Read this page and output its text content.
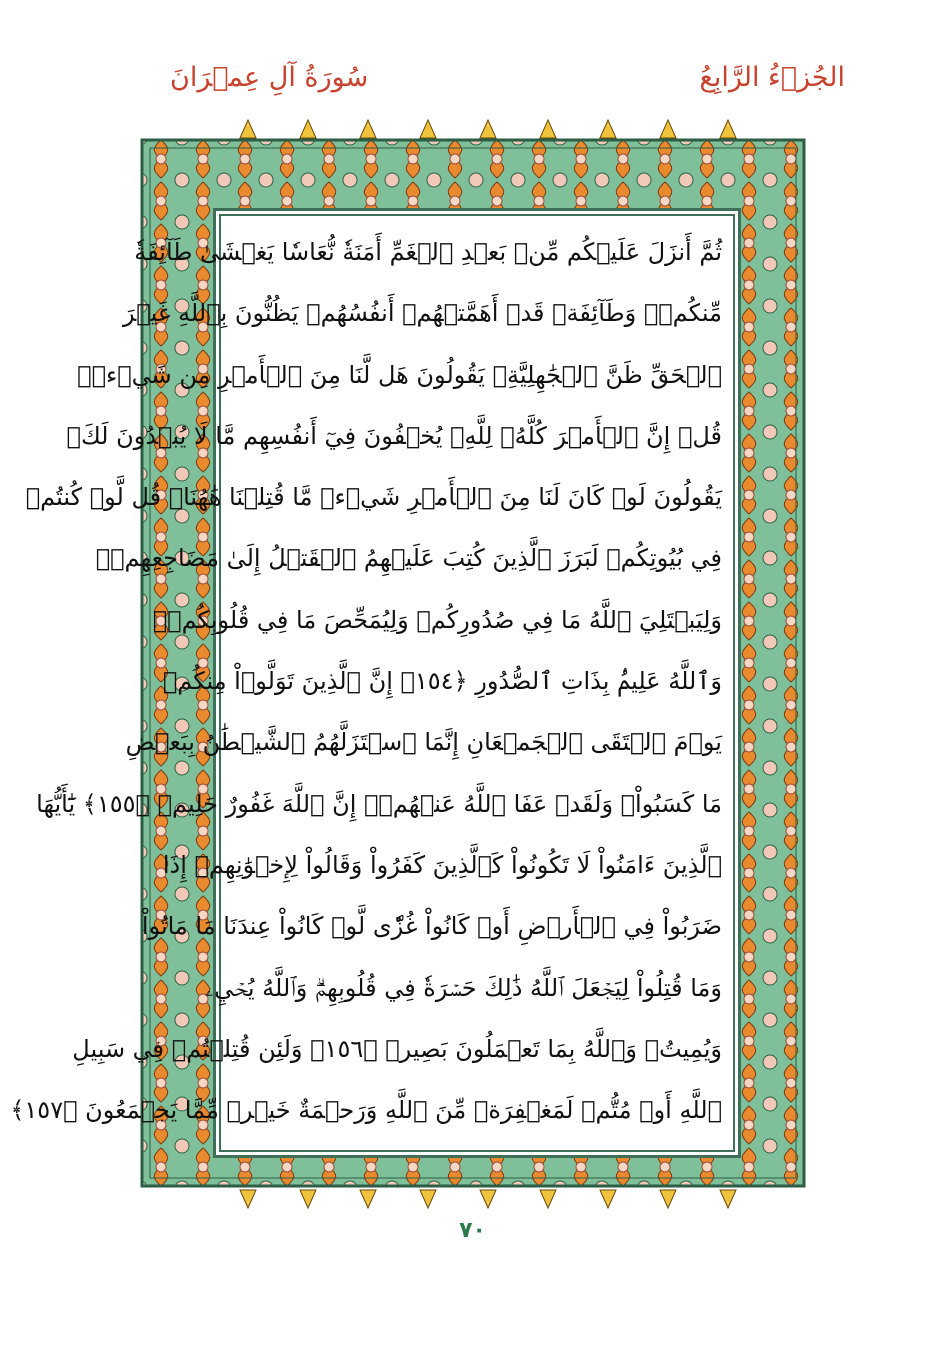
سُورَةُ آلِ عِمۡرَانَ	الجُزۡءُ الرَّابِعُ
ثُمَّ أَنزَلَ عَلَيۡكُم مِّنۢ بَعۡدِ ٱلۡغَمِّ أَمَنَةٗ نُّعَاسٗا يَغۡشَىٰ طَآئِفَةٗ
مِّنكُمۡۖ وَطَآئِفَةٞ قَدۡ أَهَمَّتۡهُمۡ أَنفُسُهُمۡ يَظُنُّونَ بِٱللَّهِ غَيۡرَ
ٱلۡحَقِّ ظَنَّ ٱلۡجَٰهِلِيَّةِۖ يَقُولُونَ هَل لَّنَا مِنَ ٱلۡأَمۡرِ مِن شَيۡءٖۗ
قُلۡ إِنَّ ٱلۡأَمۡرَ كُلَّهُۥ لِلَّهِۗ يُخۡفُونَ فِيٓ أَنفُسِهِم مَّا لَا يُبۡدُونَ لَكَۖ
يَقُولُونَ لَوۡ كَانَ لَنَا مِنَ ٱلۡأَمۡرِ شَيۡءٞ مَّا قُتِلۡنَا هَٰهُنَاۗ قُل لَّوۡ كُنتُمۡ
فِي بُيُوتِكُمۡ لَبَرَزَ ٱلَّذِينَ كُتِبَ عَلَيۡهِمُ ٱلۡقَتۡلُ إِلَىٰ مَضَاجِعِهِمۡۖ
وَلِيَبۡتَلِيَ ٱللَّهُ مَا فِي صُدُورِكُمۡ وَلِيُمَحِّصَ مَا فِي قُلُوبِكُمۡۚ
وَٱللَّهُ عَلِيمُۢ بِذَاتِ ٱلصُّدُورِ ﴿١٥٤﴾ إِنَّ ٱلَّذِينَ تَوَلَّوۡاْ مِنكُمۡ
يَوۡمَ ٱلۡتَقَى ٱلۡجَمۡعَانِ إِنَّمَا ٱسۡتَزَلَّهُمُ ٱلشَّيۡطَٰنُ بِبَعۡضِ
مَا كَسَبُواْۖ وَلَقَدۡ عَفَا ٱللَّهُ عَنۡهُمۡۗ إِنَّ ٱللَّهَ غَفُورٌ حَلِيمٞ ﴿١٥٥﴾ يَٰٓأَيُّهَا
ٱلَّذِينَ ءَامَنُواْ لَا تَكُونُواْ كَٱلَّذِينَ كَفَرُواْ وَقَالُواْ لِإِخۡوَٰنِهِمۡ إِذَا
ضَرَبُواْ فِي ٱلۡأَرۡضِ أَوۡ كَانُواْ غُزّٗى لَّوۡ كَانُواْ عِندَنَا مَا مَاتُواْ
وَمَا قُتِلُواْ لِيَجۡعَلَ ٱللَّهُ ذَٰلِكَ حَسۡرَةٗ فِي قُلُوبِهِمۡۗ وَٱللَّهُ يُحۡيِۦ
وَيُمِيتُۗ وَٱللَّهُ بِمَا تَعۡمَلُونَ بَصِيرٞ ﴿١٥٦﴾ وَلَئِن قُتِلۡتُمۡ فِي سَبِيلِ
ٱللَّهِ أَوۡ مُتُّمۡ لَمَغۡفِرَةٞ مِّنَ ٱللَّهِ وَرَحۡمَةٌ خَيۡرٞ مِّمَّا يَجۡمَعُونَ ﴿١٥٧﴾
٧٠
